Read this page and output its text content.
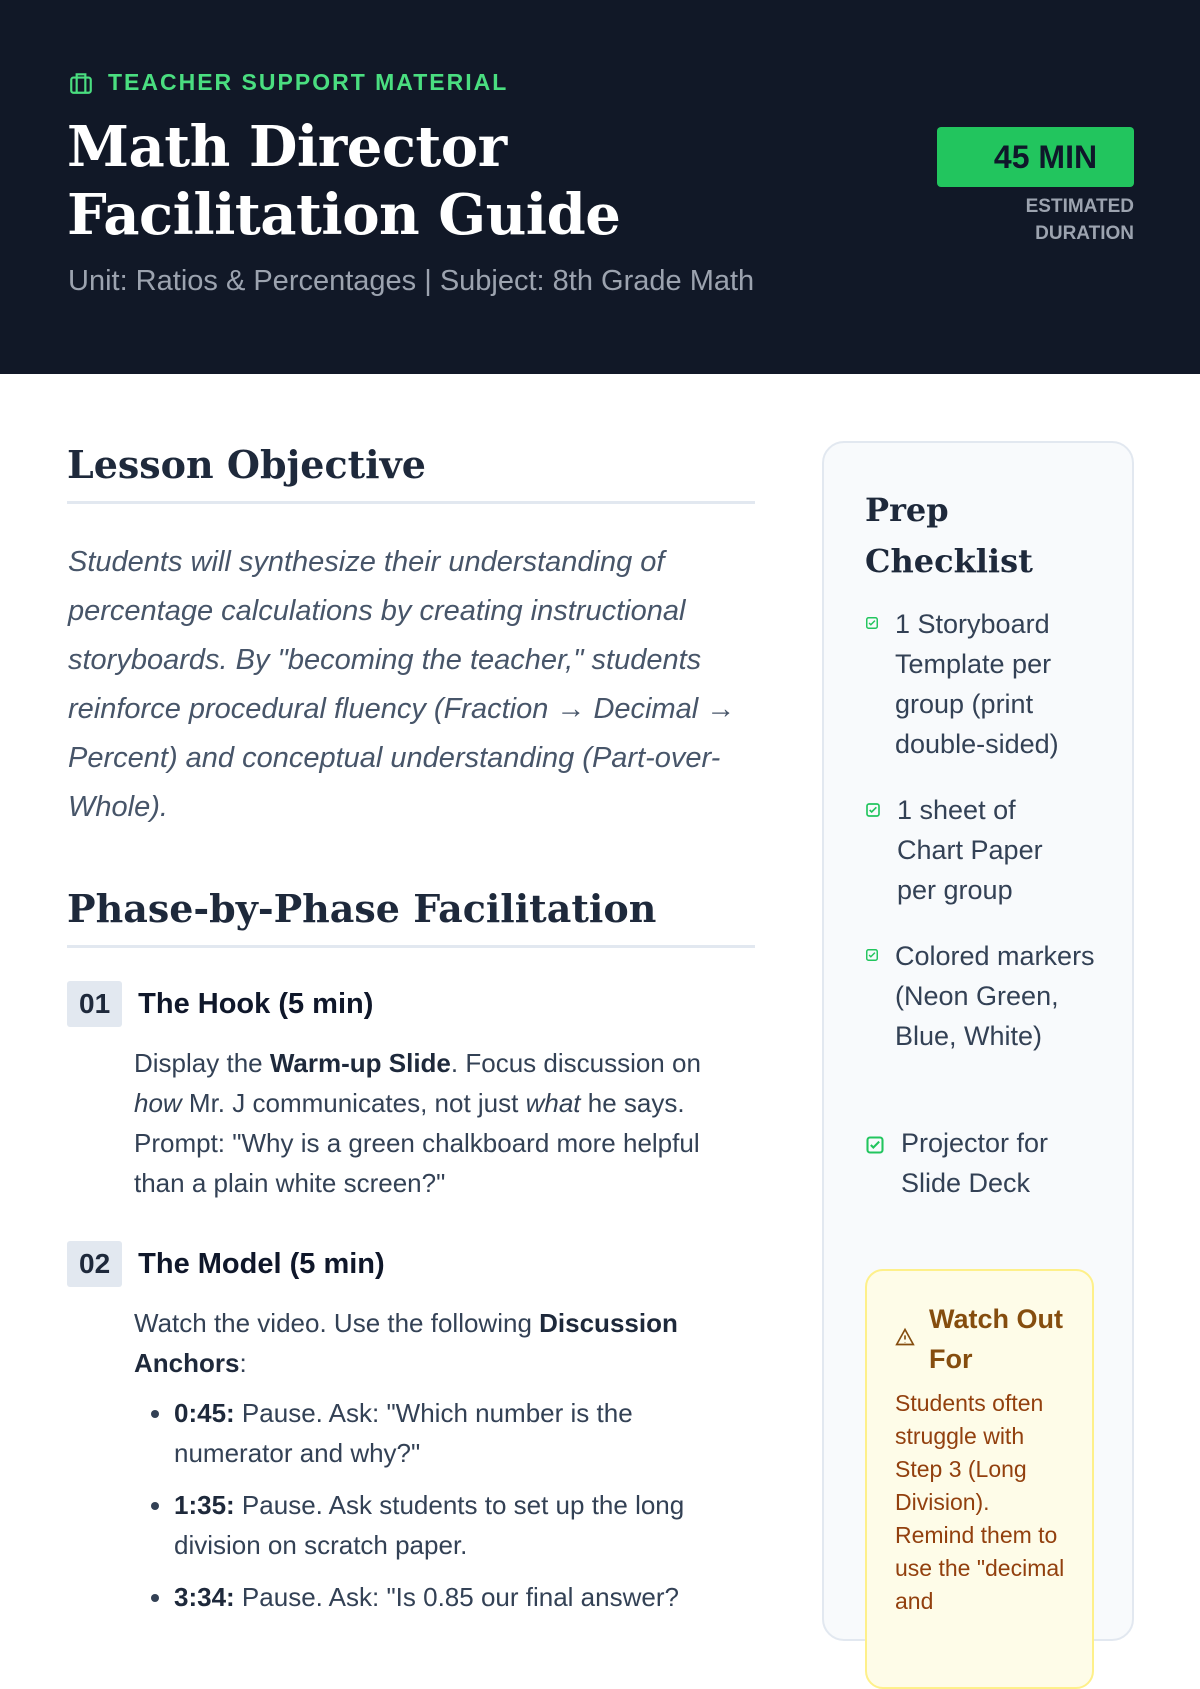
TEACHER SUPPORT MATERIAL
Math Director Facilitation Guide
Unit: Ratios & Percentages | Subject: 8th Grade Math
45 MIN
ESTIMATED DURATION
Lesson Objective

Students will synthesize their understanding of percentage calculations by creating instructional storyboards. By "becoming the teacher," students reinforce procedural fluency (Fraction → Decimal → Percent) and conceptual understanding (Part-over-Whole).

Phase-by-Phase Facilitation
01 The Hook (5 min)

Display the Warm-up Slide. Focus discussion on how Mr. J communicates, not just what he says. Prompt: "Why is a green chalkboard more helpful than a plain white screen?"

02 The Model (5 min)

Watch the video. Use the following Discussion Anchors:

• 0:45: Pause. Ask: "Which number is the numerator and why?"
• 1:35: Pause. Ask students to set up the long division on scratch paper.
• 3:34: Pause. Ask: "Is 0.85 our final answer?
Prep Checklist
1 Storyboard Template per group (print double-sided)
1 sheet of Chart Paper per group
Colored markers (Neon Green, Blue, White)
Projector for Slide Deck
Watch Out For

Students often struggle with Step 3 (Long Division). Remind them to use the "decimal and
